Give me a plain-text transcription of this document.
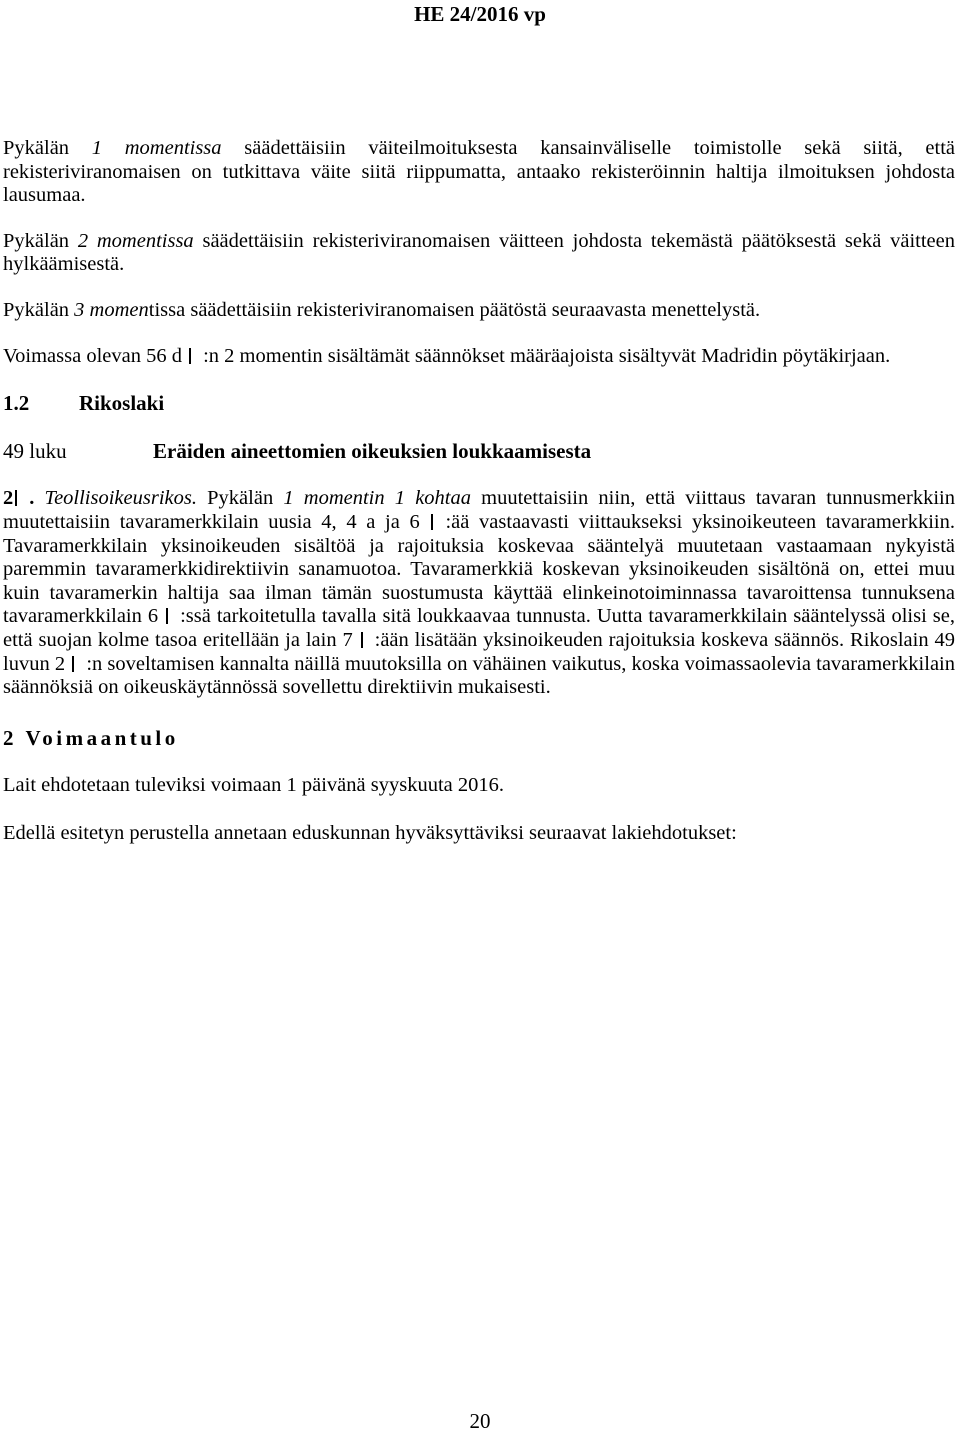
HE 24/2016 vp

Pykälän 1 momentissa säädettäisiin väiteilmoituksesta kansainväliselle toimistolle sekä siitä, että rekisteriviranomaisen on tutkittava väite siitä riippumatta, antaako rekisteröinnin haltija ilmoituksen johdosta lausumaa.

Pykälän 2 momentissa säädettäisiin rekisteriviranomaisen väitteen johdosta tekemästä päätöksestä sekä väitteen hylkäämisestä.

Pykälän 3 momentissa säädettäisiin rekisteriviranomaisen päätöstä seuraavasta menettelystä.

Voimassa olevan 56 d :n 2 momentin sisältämät säännökset määräajoista sisältyvät Madridin pöytäkirjaan.

1.2 Rikoslaki
49 luku	Eräiden aineettomien oikeuksien loukkaamisesta

2 . Teollisoikeusrikos. Pykälän 1 momentin 1 kohtaa muutettaisiin niin, että viittaus tavaran tunnusmerkkiin muutettaisiin tavaramerkkilain uusia 4, 4 a ja 6 :ää vastaavasti viittaukseksi yksinoikeuteen tavaramerkkiin. Tavaramerkkilain yksinoikeuden sisältöä ja rajoituksia koskevaa sääntelyä muutetaan vastaamaan nykyistä paremmin tavaramerkkidirektiivin sanamuotoa. Tavaramerkkiä koskevan yksinoikeuden sisältönä on, ettei muu kuin tavaramerkin haltija saa ilman tämän suostumusta käyttää elinkeinotoiminnassa tavaroittensa tunnuksena tavaramerkkilain 6 :ssä tarkoitetulla tavalla sitä loukkaavaa tunnusta. Uutta tavaramerkkilain sääntelyssä olisi se, että suojan kolme tasoa eritellään ja lain 7 :ään lisätään yksinoikeuden rajoituksia koskeva säännös. Rikoslain 49 luvun 2 :n soveltamisen kannalta näillä muutoksilla on vähäinen vaikutus, koska voimassaolevia tavaramerkkilain säännöksiä on oikeuskäytännössä sovellettu direktiivin mukaisesti.

2 Voimaantulo

Lait ehdotetaan tuleviksi voimaan 1 päivänä syyskuuta 2016.

Edellä esitetyn perustella annetaan eduskunnan hyväksyttäviksi seuraavat lakiehdotukset:

20
